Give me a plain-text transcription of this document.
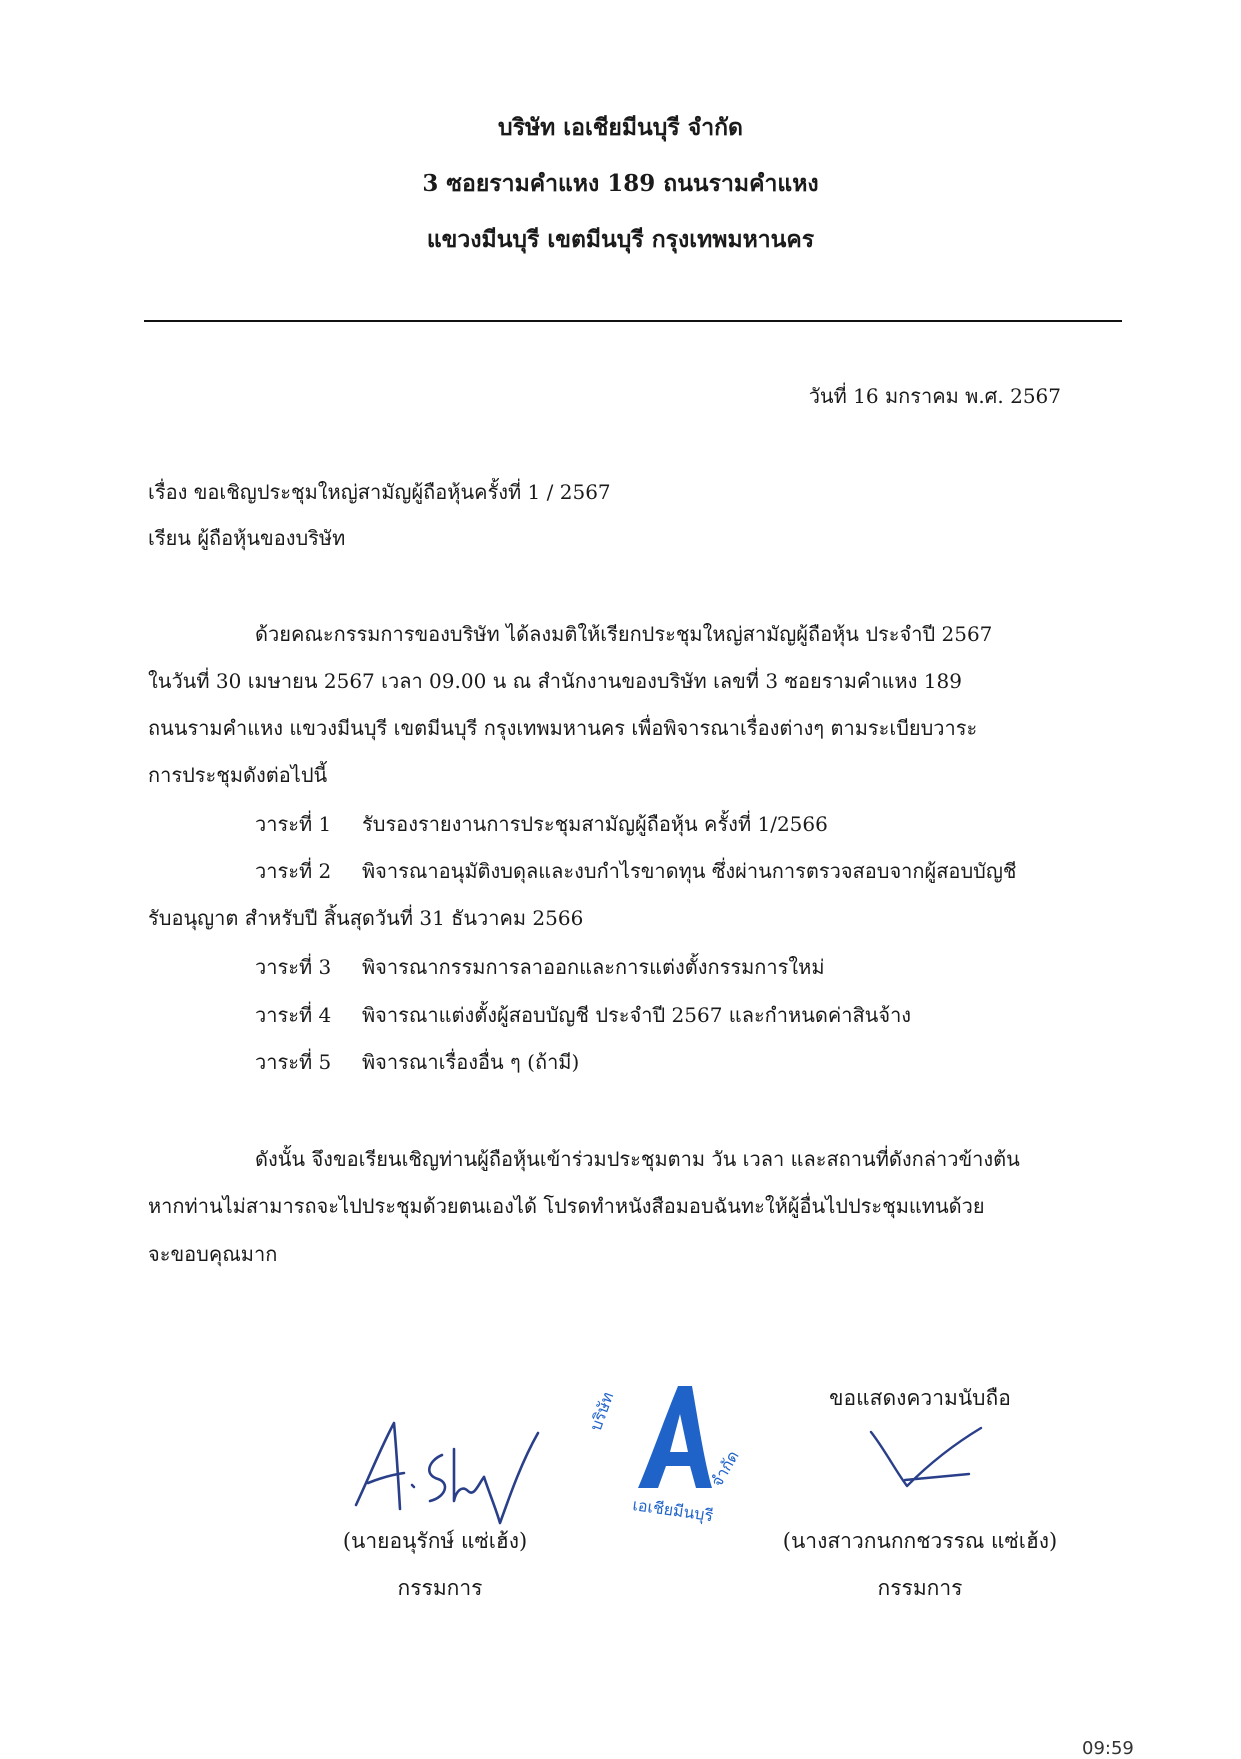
บริษัท เอเชียมีนบุรี จำกัด
3 ซอยรามคำแหง 189 ถนนรามคำแหง
แขวงมีนบุรี เขตมีนบุรี กรุงเทพมหานคร
วันที่ 16 มกราคม พ.ศ. 2567
เรื่อง ขอเชิญประชุมใหญ่สามัญผู้ถือหุ้นครั้งที่ 1 / 2567
เรียน ผู้ถือหุ้นของบริษัท
ด้วยคณะกรรมการของบริษัท ได้ลงมติให้เรียกประชุมใหญ่สามัญผู้ถือหุ้น ประจำปี 2567
ในวันที่ 30 เมษายน 2567 เวลา 09.00 น ณ สำนักงานของบริษัท เลขที่ 3 ซอยรามคำแหง 189
ถนนรามคำแหง แขวงมีนบุรี เขตมีนบุรี กรุงเทพมหานคร เพื่อพิจารณาเรื่องต่างๆ ตามระเบียบวาระ
การประชุมดังต่อไปนี้
วาระที่ 1 รับรองรายงานการประชุมสามัญผู้ถือหุ้น ครั้งที่ 1/2566
วาระที่ 2 พิจารณาอนุมัติงบดุลและงบกำไรขาดทุน ซึ่งผ่านการตรวจสอบจากผู้สอบบัญชี
รับอนุญาต สำหรับปี สิ้นสุดวันที่ 31 ธันวาคม 2566
วาระที่ 3 พิจารณากรรมการลาออกและการแต่งตั้งกรรมการใหม่
วาระที่ 4 พิจารณาแต่งตั้งผู้สอบบัญชี ประจำปี 2567 และกำหนดค่าสินจ้าง
วาระที่ 5 พิจารณาเรื่องอื่น ๆ (ถ้ามี)
ดังนั้น จึงขอเรียนเชิญท่านผู้ถือหุ้นเข้าร่วมประชุมตาม วัน เวลา และสถานที่ดังกล่าวข้างต้น
หากท่านไม่สามารถจะไปประชุมด้วยตนเองได้ โปรดทำหนังสือมอบฉันทะให้ผู้อื่นไปประชุมแทนด้วย
จะขอบคุณมาก
ขอแสดงความนับถือ
บริษัท
เอเชียมีนบุรี
จำกัด
(นายอนุรักษ์ แซ่เฮ้ง)
กรรมการ
(นางสาวกนกกชวรรณ แซ่เฮ้ง)
กรรมการ
09:59
